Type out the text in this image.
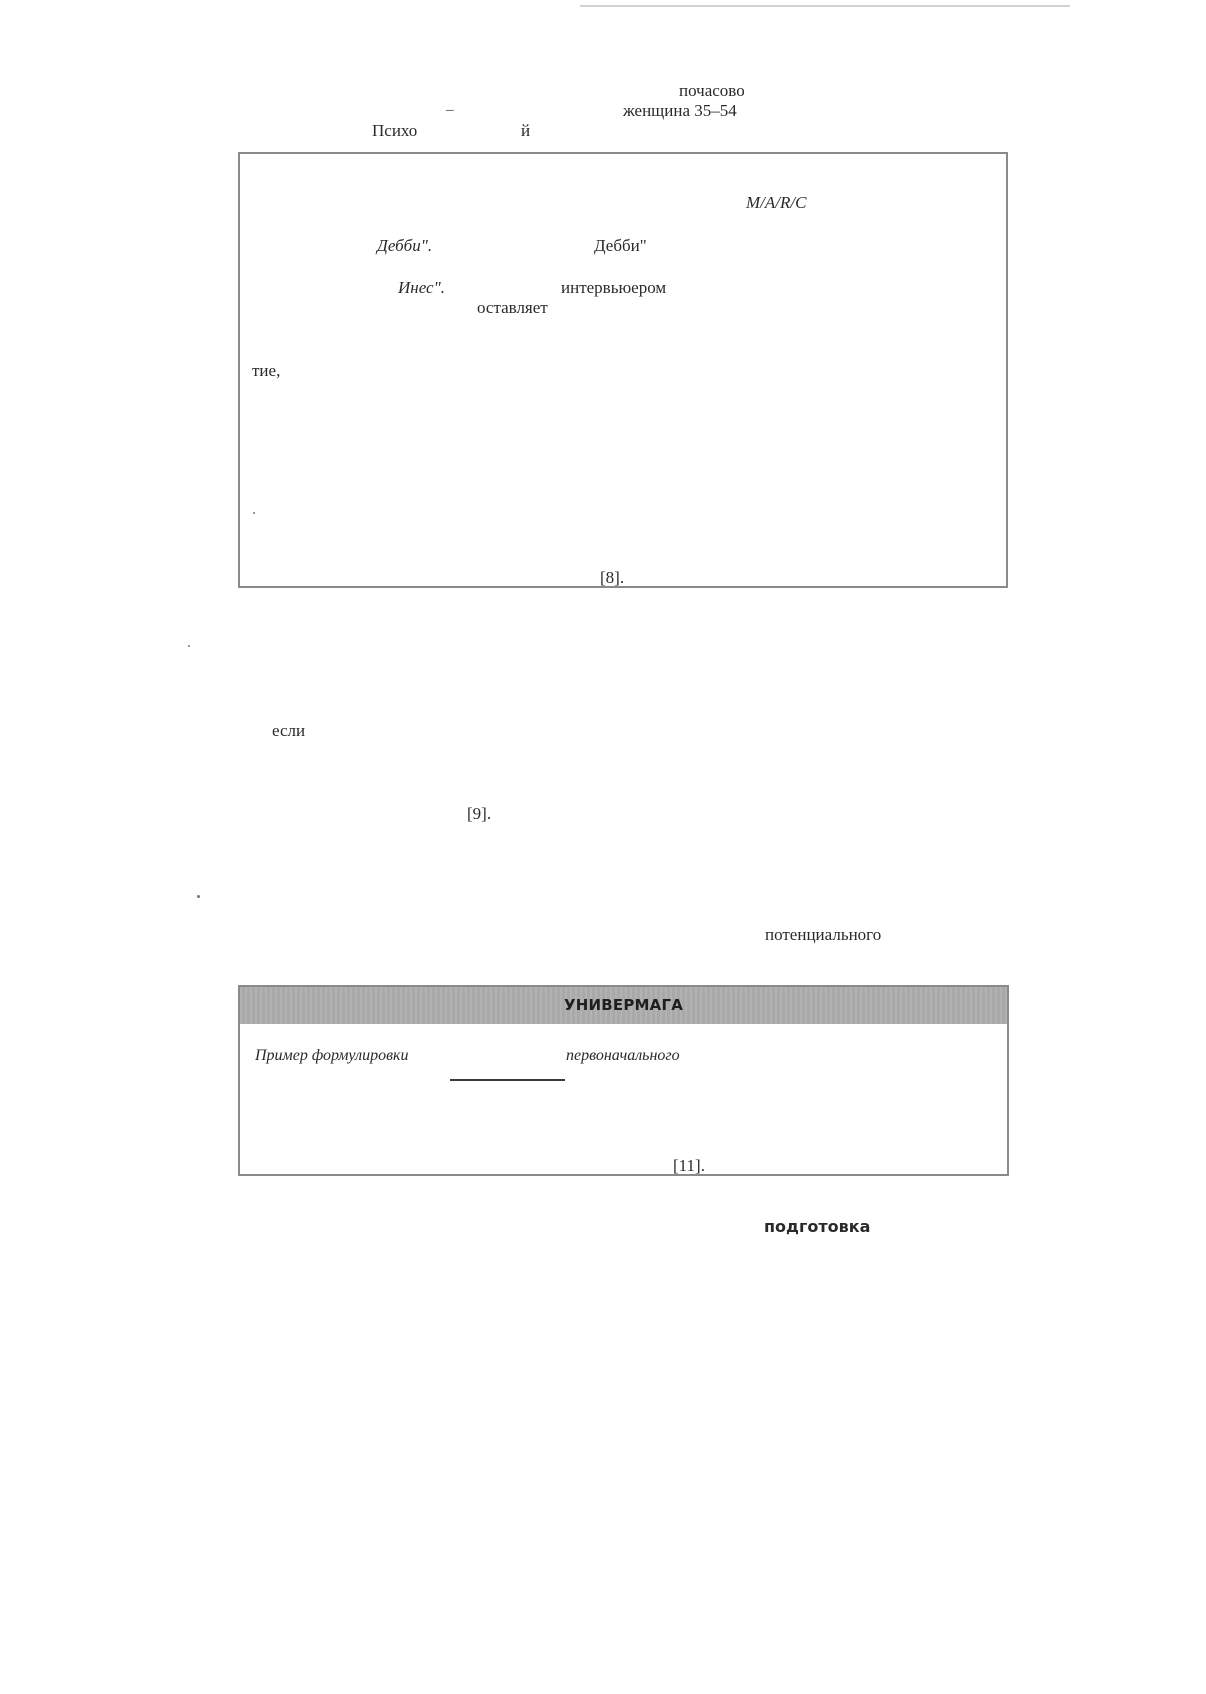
почасово
женщина 35–54
Психо
¯
й
M/A/R/C
Дебби".	Дебби"
Инес".	интервьюером
оставляет
тие,
[8].
если
[9].
потенциального
УНИВЕРМАГА
Пример формулировки	первоначального
[11].
подготовка
